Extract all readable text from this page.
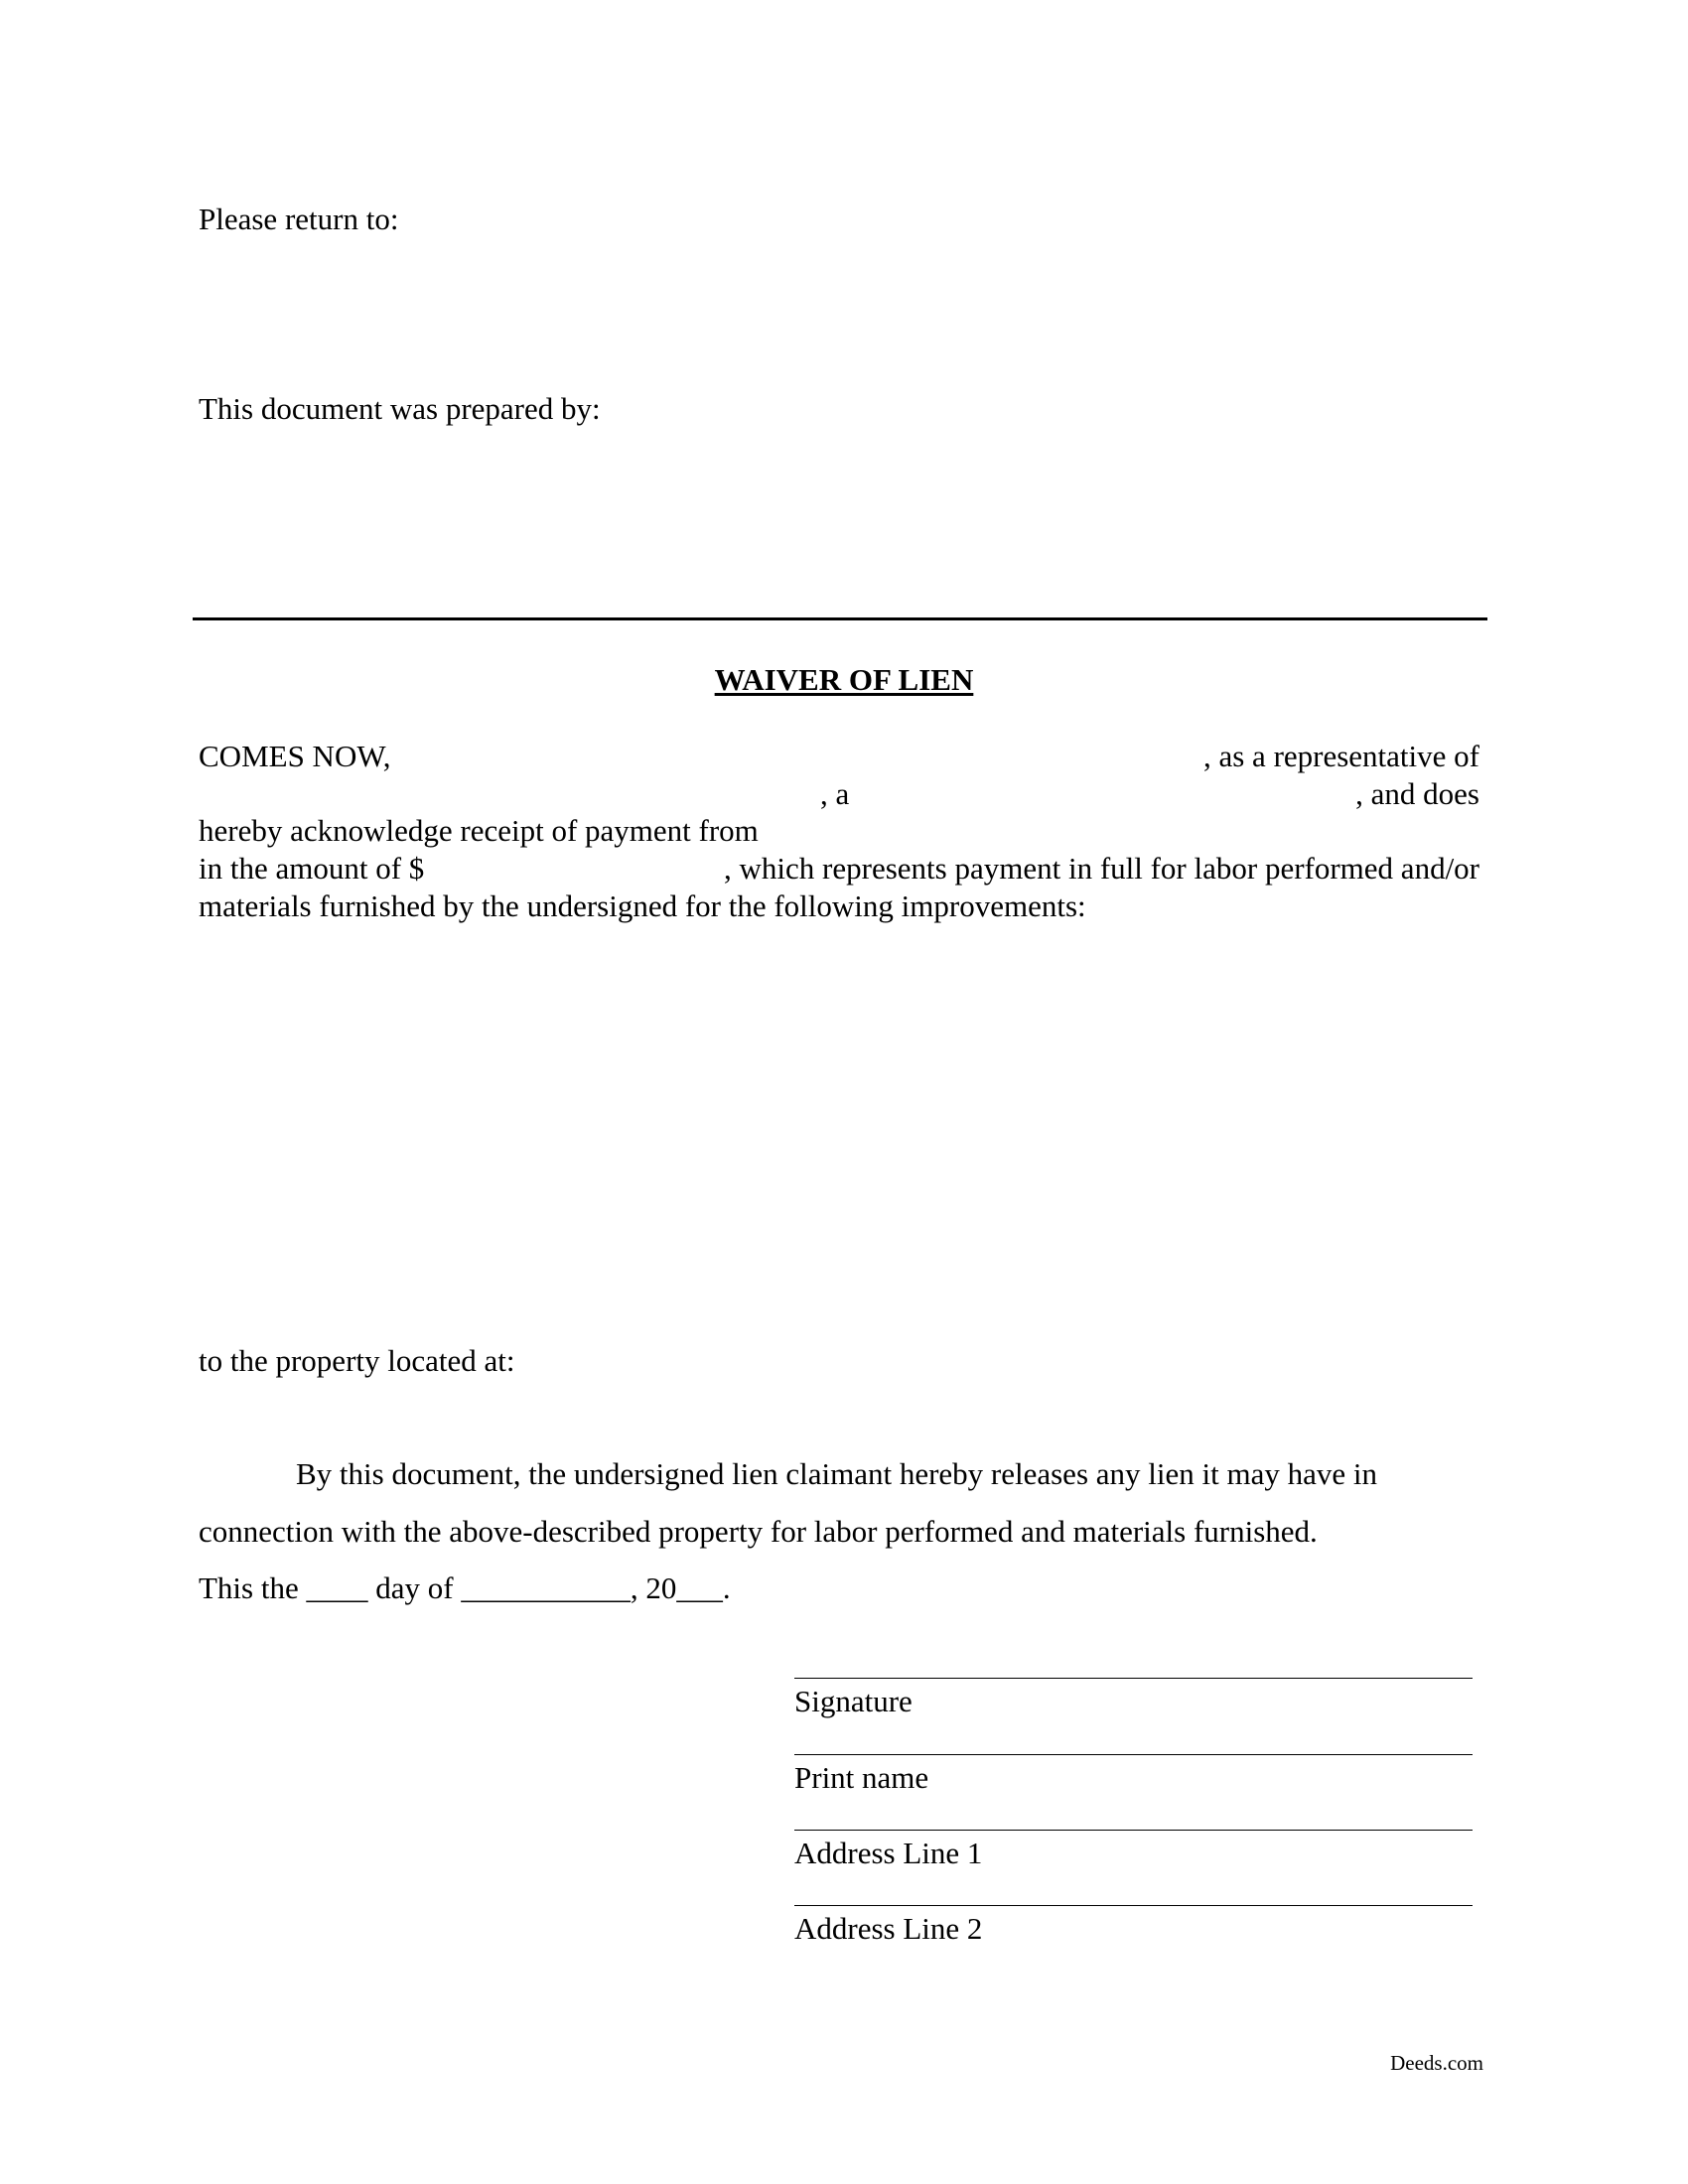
Please return to:
This document was prepared by:
WAIVER OF LIEN
COMES NOW,	, as a representative of
, a	, and does
hereby acknowledge receipt of payment from
in the amount of $	, which represents payment in full for labor performed and/or
materials furnished by the undersigned for the following improvements:
to the property located at:
By this document, the undersigned lien claimant hereby releases any lien it may have in
connection with the above-described property for labor performed and materials furnished.
This the ____ day of ___________, 20___.
Signature
Print name
Address Line 1
Address Line 2
Deeds.com
